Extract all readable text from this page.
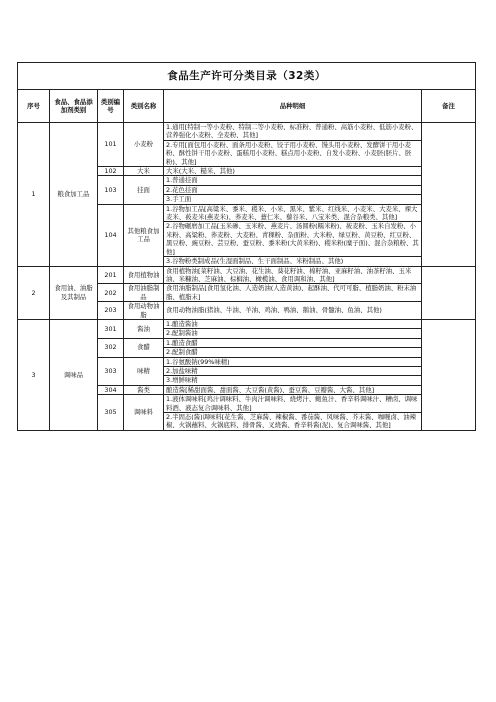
食品生产许可分类目录（32类）					
序号	食品、食品添加剂类别	类别编号	类别名称	品种明细	备注
1	粮食加工品	101	小麦粉	1.通用[特制一等小麦粉、特制二等小麦粉、标准粉、普通粉、高筋小麦粉、低筋小麦粉、营养强化小麦粉、全麦粉、其他]	
				2.专用[面包用小麦粉、面条用小麦粉、饺子用小麦粉、馒头用小麦粉、发酵饼干用小麦粉、酥性饼干用小麦粉、蛋糕用小麦粉、糕点用小麦粉、自发小麦粉、小麦胚(胚片、胚粉)、其他]	
		102	大米	大米(大米、糙米、其他)	
		103	挂面	1.普通挂面	
				2.花色挂面	
				3.手工面	
		104	其他粮食加工品	1.谷物加工品[高粱米、黍米、稷米、小米、黑米、紫米、红线米、小麦米、大麦米、裸大麦米、莜麦米(燕麦米)、荞麦米、薏仁米、藜谷米、八宝米类、混合杂粮类、其他]	
				2.谷物碾磨加工品[玉米碜、玉米粉、燕麦片、汤圆粉(糯米粉)、莜麦粉、玉米自发粉、小米粉、高粱粉、荞麦粉、大麦粉、青稞粉、杂面粉、大米粉、绿豆粉、黄豆粉、红豆粉、黑豆粉、豌豆粉、芸豆粉、蚕豆粉、黍米粉(大黄米粉)、稷米粉(糜子面)、混合杂粮粉、其他]	
				3.谷物粉类制成品(生湿面制品、生干面制品、米粉制品、其他)	
2	食用油、油脂及其制品	201	食用植物油	食用植物油[菜籽油、大豆油、花生油、葵花籽油、棉籽油、亚麻籽油、油茶籽油、玉米油、米糠油、芝麻油、棕榈油、橄榄油、食用调和油、其他]	
		202	食用油脂制品	食用油脂制品[食用氢化油、人造奶油(人造黄油)、起酥油、代可可脂、植脂奶油、粉末油脂、植脂末]	
		203	食用动物油脂	食用动物油脂(猪油、牛油、羊油、鸡油、鸭油、鹅油、骨髓油、鱼油、其他)	
3	调味品	301	酱油	1.酿造酱油	
				2.配制酱油	
		302	食醋	1.酿造食醋	
				2.配制食醋	
		303	味精	1.谷氨酸钠(99%味精)	
				2.加盐味精	
				3.增鲜味精	
		304	酱类	酿造酱[稀甜面酱、甜面酱、大豆酱(黄酱)、蚕豆酱、豆瓣酱、大酱、其他]	
		305	调味料	1.液体调味料[鸡汁调味料、牛肉汁调味料、烧烤汁、鲍鱼汁、香辛料调味汁、糟卤、调味料酒、液态复合调味料、其他]	
				2.半固态(酱)调味料[花生酱、芝麻酱、辣椒酱、番茄酱、风味酱、芥末酱、咖喱卤、油辣椒、火锅蘸料、火锅底料、排骨酱、叉烧酱、香辛料酱(泥)、复合调味酱、其他]	
